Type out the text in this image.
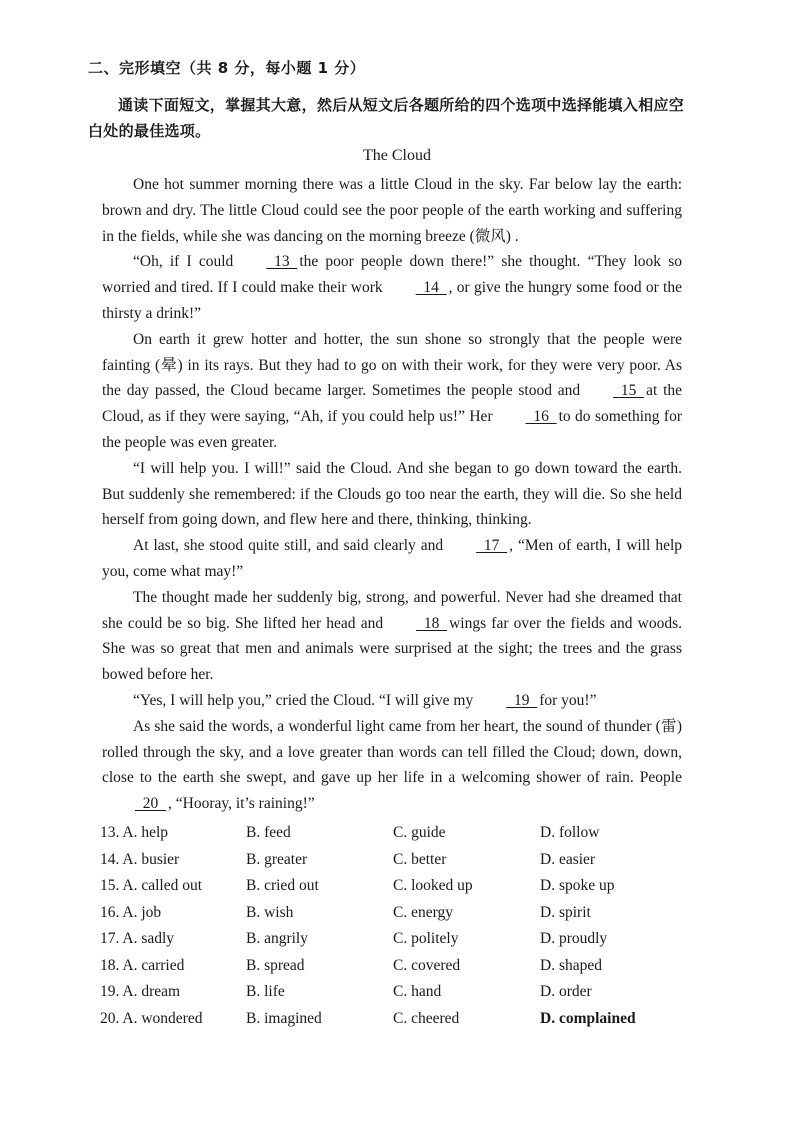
二、完形填空（共 8 分，每小题 1 分）
通读下面短文，掌握其大意，然后从短文后各题所给的四个选项中选择能填入相应空白处的最佳选项。
The Cloud

One hot summer morning there was a little Cloud in the sky. Far below lay the earth: brown and dry. The little Cloud could see the poor people of the earth working and suffering in the fields, while she was dancing on the morning breeze (微风) .

“Oh, if I could  13  the poor people down there!” she thought. “They look so worried and tired. If I could make their work  14  , or give the hungry some food or the thirsty a drink!”

On earth it grew hotter and hotter, the sun shone so strongly that the people were fainting (晕) in its rays. But they had to go on with their work, for they were very poor. As the day passed, the Cloud became larger. Sometimes the people stood and  15  at the Cloud, as if they were saying, “Ah, if you could help us!” Her  16  to do something for the people was even greater.

“I will help you. I will!” said the Cloud. And she began to go down toward the earth. But suddenly she remembered: if the Clouds go too near the earth, they will die. So she held herself from going down, and flew here and there, thinking, thinking.

At last, she stood quite still, and said clearly and  17  , “Men of earth, I will help you, come what may!”

The thought made her suddenly big, strong, and powerful. Never had she dreamed that she could be so big. She lifted her head and  18  wings far over the fields and woods. She was so great that men and animals were surprised at the sight; the trees and the grass bowed before her.

“Yes, I will help you,” cried the Cloud. “I will give my  19  for you!”

As she said the words, a wonderful light came from her heart, the sound of thunder (雷) rolled through the sky, and a love greater than words can tell filled the Cloud; down, down, close to the earth she swept, and gave up her life in a welcoming shower of rain. People  20  , “Hooray, it’s raining!”

13. A. help	B. feed	C. guide	D. follow
14. A. busier	B. greater	C. better	D. easier
15. A. called out	B. cried out	C. looked up	D. spoke up
16. A. job	B. wish	C. energy	D. spirit
17. A. sadly	B. angrily	C. politely	D. proudly
18. A. carried	B. spread	C. covered	D. shaped
19. A. dream	B. life	C. hand	D. order
20. A. wondered	B. imagined	C. cheered	D. complained
